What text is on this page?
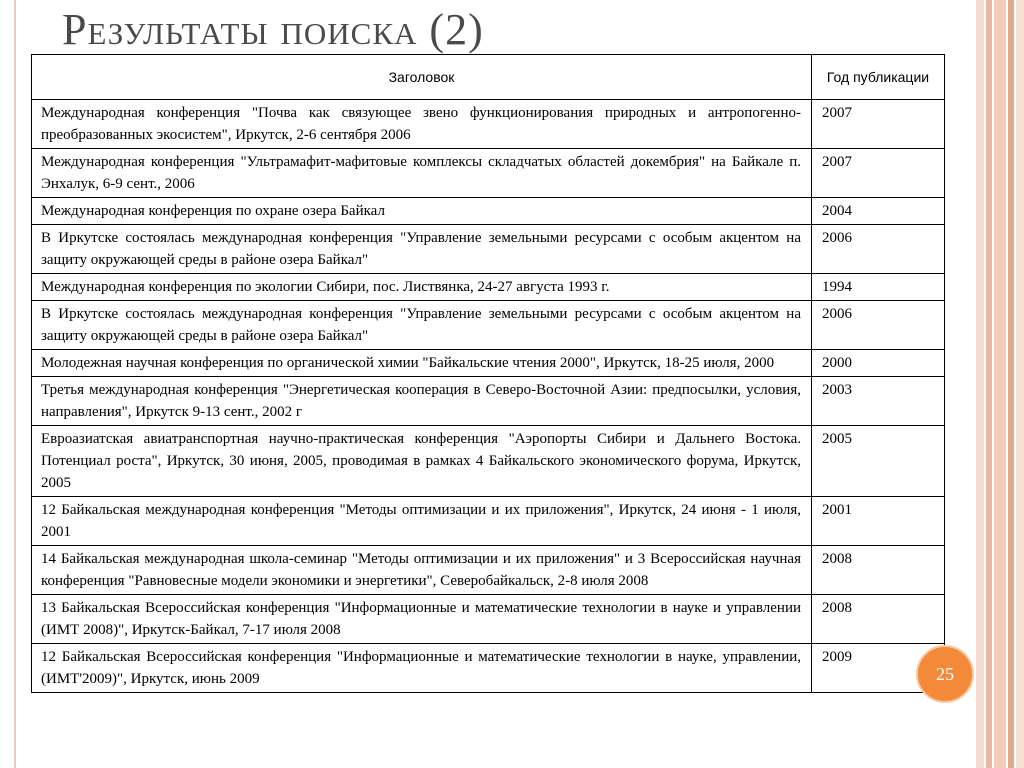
Результаты поиска (2)
Заголовок	Год публикации
Международная конференция "Почва как связующее звено функционирования природных и антропогенно-преобразованных экосистем", Иркутск, 2-6 сентября 2006	2007
Международная конференция "Ультрамафит-мафитовые комплексы складчатых областей докембрия" на Байкале п. Энхалук, 6-9 сент., 2006	2007
Международная конференция по охране озера Байкал	2004
В Иркутске состоялась международная конференция "Управление земельными ресурсами с особым акцентом на защиту окружающей среды в районе озера Байкал"	2006
Международная конференция по экологии Сибири, пос. Листвянка, 24-27 августа 1993 г.	1994
В Иркутске состоялась международная конференция "Управление земельными ресурсами с особым акцентом на защиту окружающей среды в районе озера Байкал"	2006
Молодежная научная конференция по органической химии "Байкальские чтения 2000", Иркутск, 18-25 июля, 2000	2000
Третья международная конференция "Энергетическая кооперация в Северо-Восточной Азии: предпосылки, условия, направления", Иркутск 9-13 сент., 2002 г	2003
Евроазиатская авиатранспортная научно-практическая конференция "Аэропорты Сибири и Дальнего Востока. Потенциал роста", Иркутск, 30 июня, 2005, проводимая в рамках 4 Байкальского экономического форума, Иркутск, 2005	2005
12 Байкальская международная конференция "Методы оптимизации и их приложения", Иркутск, 24 июня - 1 июля, 2001	2001
14 Байкальская международная школа-семинар "Методы оптимизации и их приложения" и 3 Всероссийская научная конференция "Равновесные модели экономики и энергетики", Северобайкальск, 2-8 июля 2008	2008
13 Байкальская Всероссийская конференция "Информационные и математические технологии в науке и управлении (ИМТ 2008)", Иркутск-Байкал, 7-17 июля 2008	2008
12 Байкальская Всероссийская конференция "Информационные и математические технологии в науке, управлении, (ИМТ'2009)", Иркутск, июнь 2009	2009
25
